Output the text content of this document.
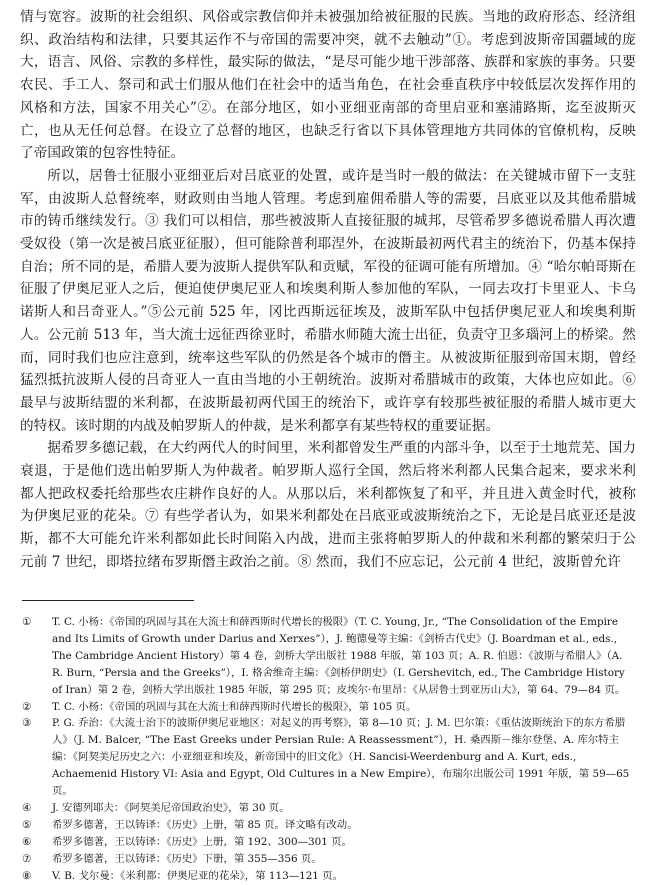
情与宽容。波斯的社会组织、风俗或宗教信仰并未被强加给被征服的民族。当地的政府形态、经济组织、政治结构和法律，只要其运作不与帝国的需要冲突，就不去触动”①。考虑到波斯帝国疆域的庞大，语言、风俗、宗教的多样性，最实际的做法，“是尽可能少地干涉部落、族群和家族的事务。只要农民、手工人、祭司和武士们服从他们在社会中的适当角色，在社会垂直秩序中较低层次发挥作用的风格和方法，国家不用关心”②。在部分地区，如小亚细亚南部的奇里启亚和塞浦路斯，迄至波斯灭亡，也从无任何总督。在设立了总督的地区，也缺乏行省以下具体管理地方共同体的官僚机构，反映了帝国政策的包容性特征。

所以，居鲁士征服小亚细亚后对吕底亚的处置，或许是当时一般的做法：在关键城市留下一支驻军，由波斯人总督统率，财政则由当地人管理。考虑到雇佣希腊人等的需要，吕底亚以及其他希腊城市的铸币继续发行。③ 我们可以相信，那些被波斯人直接征服的城邦，尽管希罗多德说希腊人再次遭受奴役（第一次是被吕底亚征服），但可能除普利耶涅外，在波斯最初两代君主的统治下，仍基本保持自治；所不同的是，希腊人要为波斯人提供军队和贡赋，军役的征调可能有所增加。④ “哈尔帕哥斯在征服了伊奥尼亚人之后，便迫使伊奥尼亚人和埃奥利斯人参加他的军队，一同去攻打卡里亚人、卡乌诺斯人和吕奇亚人。”⑤公元前 525 年，冈比西斯远征埃及，波斯军队中包括伊奥尼亚人和埃奥利斯人。公元前 513 年，当大流士远征西徐亚时，希腊水师随大流士出征，负责守卫多瑙河上的桥梁。然而，同时我们也应注意到，统率这些军队的仍然是各个城市的僭主。从被波斯征服到帝国末期，曾经猛烈抵抗波斯人侵的吕奇亚人一直由当地的小王朝统治。波斯对希腊城市的政策，大体也应如此。⑥最早与波斯结盟的米利都，在波斯最初两代国王的统治下，或许享有较那些被征服的希腊人城市更大的特权。该时期的内战及帕罗斯人的仲裁，是米利都享有某些特权的重要证据。

据希罗多德记载，在大约两代人的时间里，米利都曾发生严重的内部斗争，以至于土地荒芜、国力衰退，于是他们选出帕罗斯人为仲裁者。帕罗斯人巡行全国，然后将米利都人民集合起来，要求米利都人把政权委托给那些农庄耕作良好的人。从那以后，米利都恢复了和平，并且进入黄金时代，被称为伊奥尼亚的花朵。⑦ 有些学者认为，如果米利都处在吕底亚或波斯统治之下，无论是吕底亚还是波斯，都不大可能允许米利都如此长时间陷入内战，进而主张将帕罗斯人的仲裁和米利都的繁荣归于公元前 7 世纪，即塔拉绪布罗斯僭主政治之前。⑧ 然而，我们不应忘记，公元前 4 世纪，波斯曾允许

① T. C. 小杨：《帝国的巩固与其在大流士和薛西斯时代增长的极限》（T. C. Young, Jr., “The Consolidation of the Empire and Its Limits of Growth under Darius and Xerxes”），J. 鲍德曼等主编：《剑桥古代史》（J. Boardman et al., eds., The Cambridge Ancient History）第 4 卷，剑桥大学出版社 1988 年版，第 103 页；A. R. 伯恩：《波斯与希腊人》（A. R. Burn, “Persia and the Greeks”），I. 格舍维奇主编：《剑桥伊朗史》（I. Gershevitch, ed., The Cambridge History of Iran）第 2 卷，剑桥大学出版社 1985 年版，第 295 页；皮埃尔·布里昂：《从居鲁士到亚历山大》，第 64、79—84 页。
② T. C. 小杨：《帝国的巩固与其在大流士和薛西斯时代增长的极限》，第 105 页。
③ P. G. 乔治：《大流士治下的波斯伊奥尼亚地区：对起义的再考察》，第 8—10 页；J. M. 巴尔策：《重估波斯统治下的东方希腊人》（J. M. Balcer, “The East Greeks under Persian Rule: A Reassessment”），H. 桑西斯－维尔登堡、A. 库尔特主编：《阿契美尼历史之六：小亚细亚和埃及，新帝国中的旧文化》（H. Sancisi-Weerdenburg and A. Kurt, eds., Achaemenid History VI: Asia and Egypt, Old Cultures in a New Empire），布瑞尔出版公司 1991 年版，第 59—65 页。
④ J. 安德列耶夫：《阿契美尼帝国政治史》，第 30 页。
⑤ 希罗多德著，王以铸译：《历史》上册，第 85 页。译文略有改动。
⑥ 希罗多德著，王以铸译：《历史》上册，第 192、300—301 页。
⑦ 希罗多德著，王以铸译：《历史》下册，第 355—356 页。
⑧ V. B. 戈尔曼：《米利都：伊奥尼亚的花朵》，第 113—121 页。
